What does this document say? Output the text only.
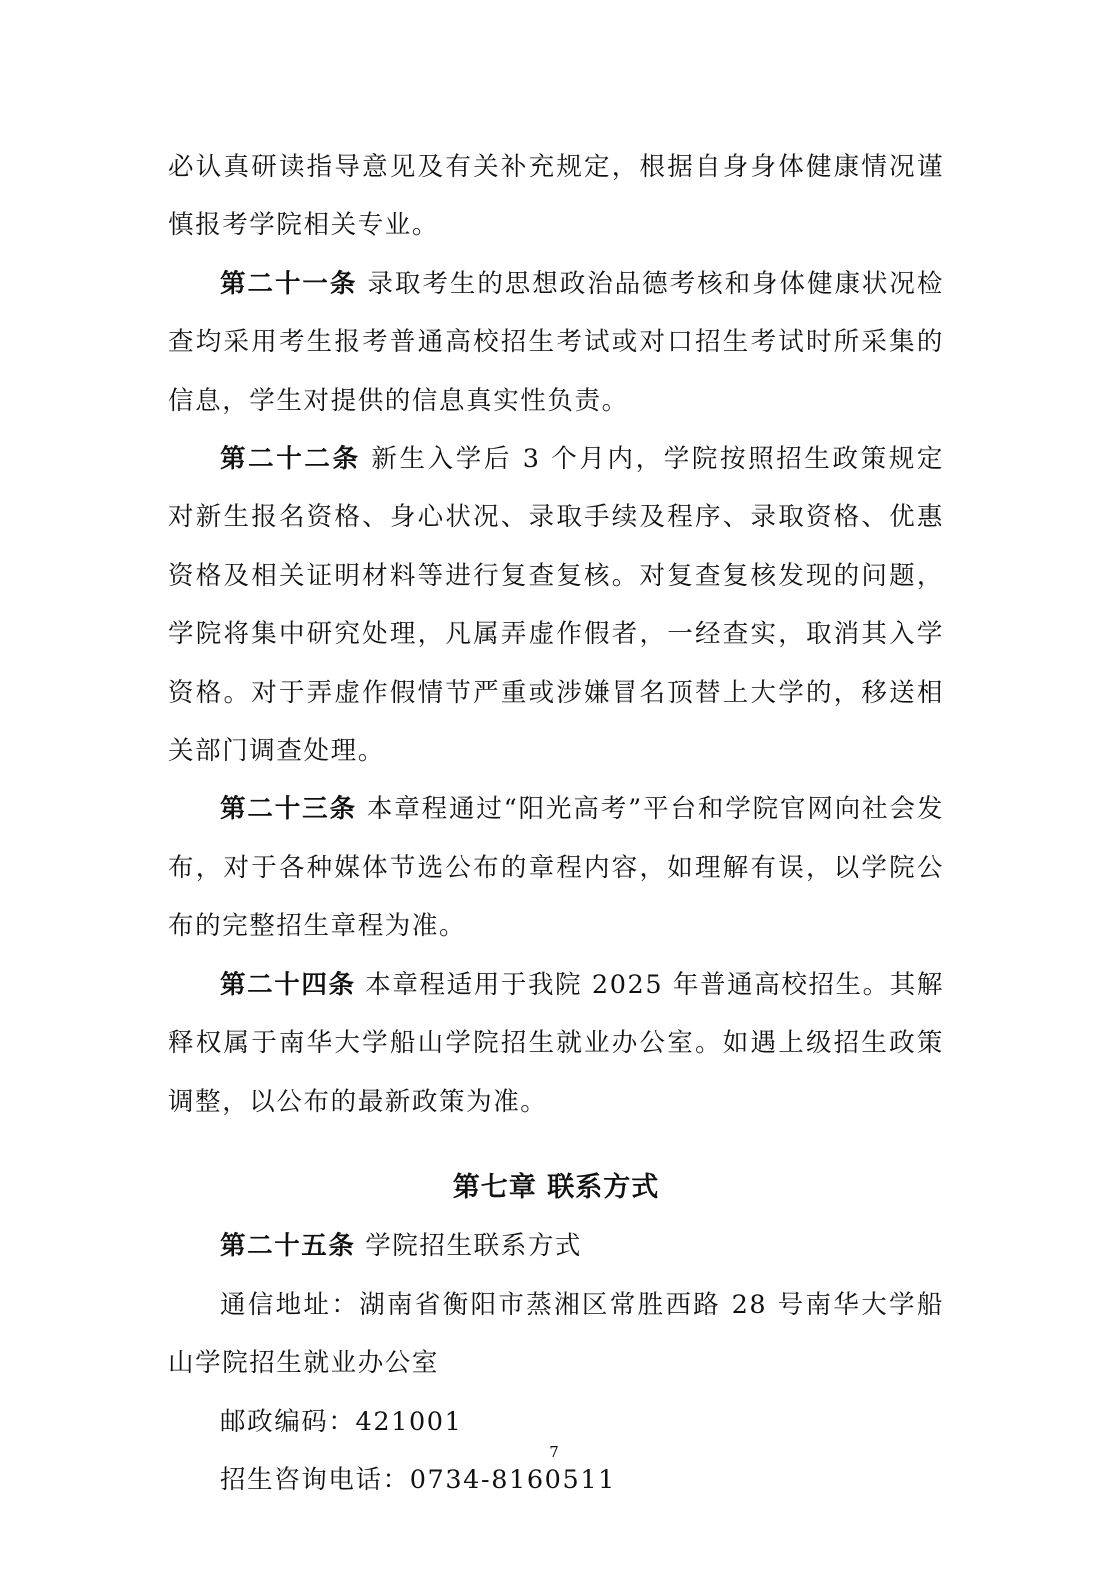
必认真研读指导意见及有关补充规定，根据自身身体健康情况谨慎报考学院相关专业。

第二十一条 录取考生的思想政治品德考核和身体健康状况检查均采用考生报考普通高校招生考试或对口招生考试时所采集的信息，学生对提供的信息真实性负责。

第二十二条 新生入学后 3 个月内，学院按照招生政策规定对新生报名资格、身心状况、录取手续及程序、录取资格、优惠资格及相关证明材料等进行复查复核。对复查复核发现的问题，学院将集中研究处理，凡属弄虚作假者，一经查实，取消其入学资格。对于弄虚作假情节严重或涉嫌冒名顶替上大学的，移送相关部门调查处理。

第二十三条 本章程通过“阳光高考”平台和学院官网向社会发布，对于各种媒体节选公布的章程内容，如理解有误，以学院公布的完整招生章程为准。

第二十四条 本章程适用于我院 2025 年普通高校招生。其解释权属于南华大学船山学院招生就业办公室。如遇上级招生政策调整，以公布的最新政策为准。

第七章 联系方式

第二十五条 学院招生联系方式

通信地址：湖南省衡阳市蒸湘区常胜西路 28 号南华大学船山学院招生就业办公室

邮政编码：421001

招生咨询电话：0734-8160511

7
